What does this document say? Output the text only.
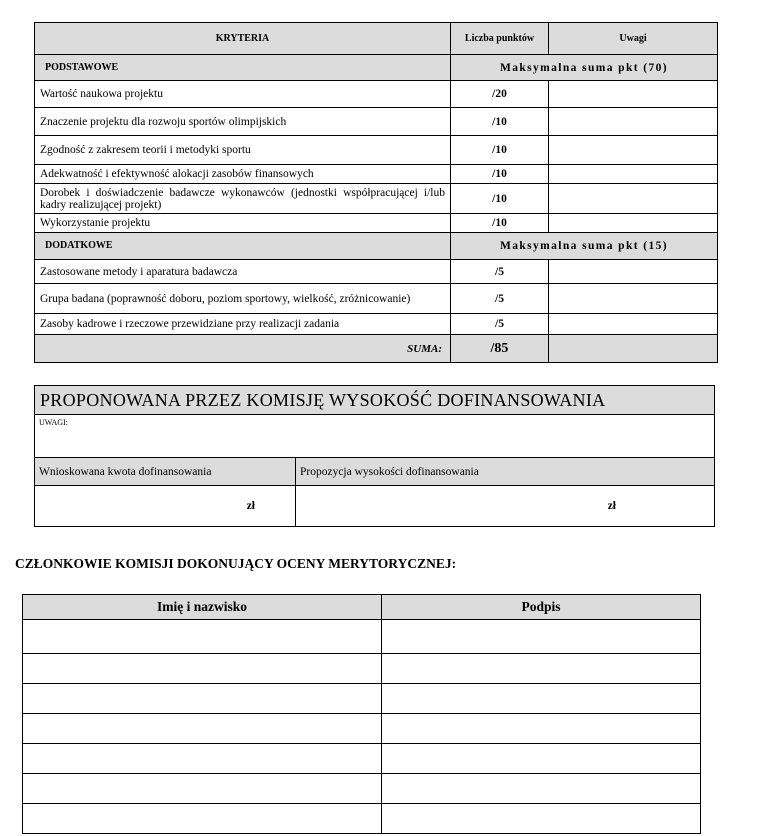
KRYTERIA	Liczba punktów	Uwagi
PODSTAWOWE	Maksymalna suma pkt (70)	
Wartość naukowa projektu	/20	
Znaczenie projektu dla rozwoju sportów olimpijskich	/10	
Zgodność z zakresem teorii i metodyki sportu	/10	
Adekwatność i efektywność alokacji zasobów finansowych	/10	
Dorobek i doświadczenie badawcze wykonawców (jednostki współpracującej i/lub kadry realizującej projekt)	/10	
Wykorzystanie projektu	/10	
DODATKOWE	Maksymalna suma pkt (15)	
Zastosowane metody i aparatura badawcza	/5	
Grupa badana (poprawność doboru, poziom sportowy, wielkość, zróżnicowanie)	/5	
Zasoby kadrowe i rzeczowe przewidziane przy realizacji zadania	/5	
SUMA:	/85	
PROPONOWANA PRZEZ KOMISJĘ WYSOKOŚĆ DOFINANSOWANIA	
UWAGI:	
Wnioskowana kwota dofinansowania	Propozycja wysokości dofinansowania
zł	zł
CZŁONKOWIE KOMISJI DOKONUJĄCY OCENY MERYTORYCZNEJ:
Imię i nazwisko	Podpis
